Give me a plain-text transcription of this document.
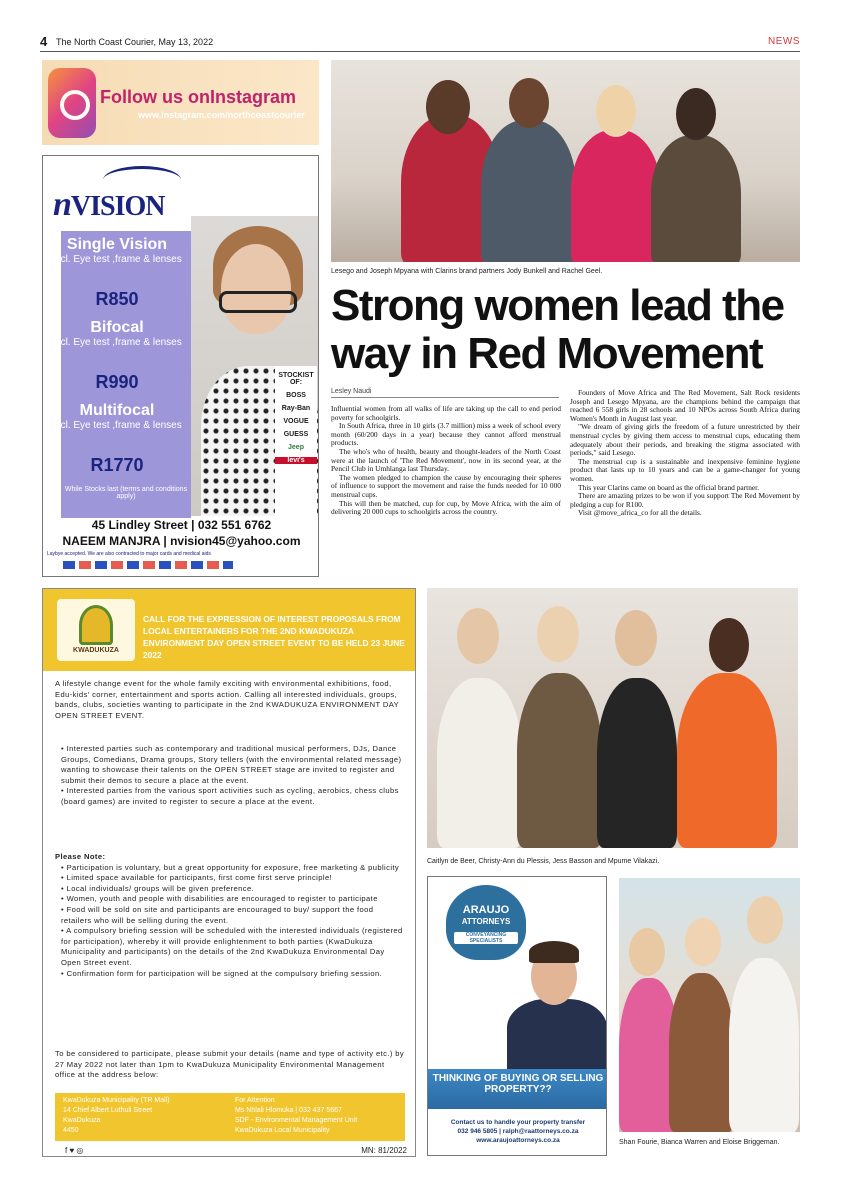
4 The North Coast Courier, May 13, 2022	NEWS
Follow us onInstagram
www.instagram.com/northcoastcourier
nVISION
STOCKIST OF:
BOSS
Ray-Ban
VOGUE
GUESS
Jeep
levi's
Single Vision
Incl. Eye test ,frame & lenses
R850
Bifocal
Incl. Eye test ,frame & lenses
R990
Multifocal
Incl. Eye test ,frame & lenses
R1770
While Stocks last (terms and conditions apply)
45 Lindley Street | 032 551 6762
NAEEM MANJRA | nvision45@yahoo.com
Laybye accepted. We are also contracted to major cards and medical aids
Lesego and Joseph Mpyana with Clarins brand partners Jody Bunkell and Rachel Geel.
Strong women lead the way in Red Movement
Lesley Naudi

Influential women from all walks of life are taking up the call to end period poverty for schoolgirls.

In South Africa, three in 10 girls (3.7 million) miss a week of school every month (60/200 days in a year) because they cannot afford menstrual products.

The who's who of health, beauty and thought-leaders of the North Coast were at the launch of 'The Red Movement', now in its second year, at the Pencil Club in Umhlanga last Thursday.

The women pledged to champion the cause by encouraging their spheres of influence to support the movement and raise the funds needed for 10 000 menstrual cups.

This will then be matched, cup for cup, by Move Africa, with the aim of delivering 20 000 cups to schoolgirls across the country.

Founders of Move Africa and The Red Movement, Salt Rock residents Joseph and Lesego Mpyana, are the champions behind the campaign that reached 6 558 girls in 28 schools and 10 NPOs across South Africa during Women's Month in August last year.

"We dream of giving girls the freedom of a future unrestricted by their menstrual cycles by giving them access to menstrual cups, educating them adequately about their periods, and breaking the stigma associated with periods," said Lesego.

The menstrual cup is a sustainable and inexpensive feminine hygiene product that lasts up to 10 years and can be a game-changer for young women.

This year Clarins came on board as the official brand partner.

There are amazing prizes to be won if you support The Red Movement by pledging a cup for R100.

Visit @move_africa_co for all the details.

Caitlyn de Beer, Christy-Ann du Plessis, Jess Basson and Mpume Vilakazi.
Shan Fourie, Bianca Warren and Eloise Briggeman.
KWADUKUZA
CALL FOR THE EXPRESSION OF INTEREST PROPOSALS FROM LOCAL ENTERTAINERS FOR THE 2ND KWADUKUZA ENVIRONMENT DAY OPEN STREET EVENT TO BE HELD 23 JUNE 2022
A lifestyle change event for the whole family exciting with environmental exhibitions, food, Edu-kids' corner, entertainment and sports action. Calling all interested individuals, groups, bands, clubs, societies wanting to participate in the 2nd KWADUKUZA ENVIRONMENT DAY OPEN STREET EVENT.
• Interested parties such as contemporary and traditional musical performers, DJs, Dance Groups, Comedians, Drama groups, Story tellers (with the environmental related message) wanting to showcase their talents on the OPEN STREET stage are invited to register and submit their demos to secure a place at the event.
• Interested parties from the various sport activities such as cycling, aerobics, chess clubs (board games) are invited to register to secure a place at the event.
Please Note:
• Participation is voluntary, but a great opportunity for exposure, free marketing & publicity
• Limited space available for participants, first come first serve principle!
• Local individuals/ groups will be given preference.
• Women, youth and people with disabilities are encouraged to register to participate
• Food will be sold on site and participants are encouraged to buy/ support the food retailers who will be selling during the event.
• A compulsory briefing session will be scheduled with the interested individuals (registered for participation), whereby it will provide enlightenment to both parties (KwaDukuza Municipality and participants) on the details of the 2nd KwaDukuza Environmental Day Open Street event.
• Confirmation form for participation will be signed at the compulsory briefing session.
To be considered to participate, please submit your details (name and type of activity etc.) by 27 May 2022 not later than 1pm to KwaDukuza Municipality Environmental Management office at the address below:
KwaDukuza Municipality (TR Mall)
14 Chief Albert Luthuli Street
KwaDukuza
4450
For Attention
Ms Nhlali Hlomuka | 032 437 5667
SDF - Environmental Management Unit
KwaDukuza Local Municipality
f ♥ ◎	MN: 81/2022
ARAUJO
ATTORNEYS
CONVEYANCING SPECIALISTS
THINKING OF BUYING OR SELLING PROPERTY??
Contact us to handle your property transfer
032 946 5805 | ralph@raattorneys.co.za
www.araujoattorneys.co.za
